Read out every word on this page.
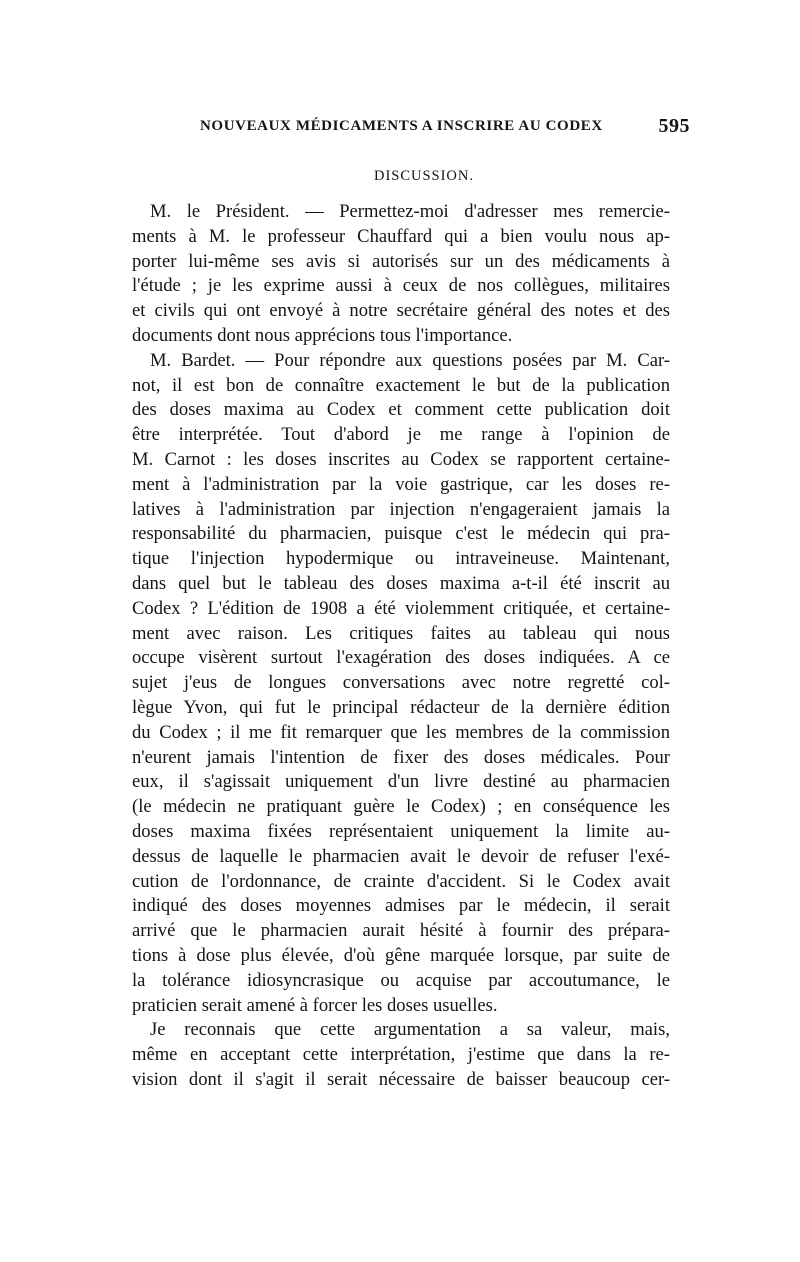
NOUVEAUX MÉDICAMENTS A INSCRIRE AU CODEX	595
DISCUSSION.
M. le Président. — Permettez-moi d'adresser mes remercie-
ments à M. le professeur Chauffard qui a bien voulu nous ap-
porter lui-même ses avis si autorisés sur un des médicaments à
l'étude ; je les exprime aussi à ceux de nos collègues, militaires
et civils qui ont envoyé à notre secrétaire général des notes et des
documents dont nous apprécions tous l'importance.
M. Bardet. — Pour répondre aux questions posées par M. Car-
not, il est bon de connaître exactement le but de la publication
des doses maxima au Codex et comment cette publication doit
être interprétée. Tout d'abord je me range à l'opinion de
M. Carnot : les doses inscrites au Codex se rapportent certaine-
ment à l'administration par la voie gastrique, car les doses re-
latives à l'administration par injection n'engageraient jamais la
responsabilité du pharmacien, puisque c'est le médecin qui pra-
tique l'injection hypodermique ou intraveineuse. Maintenant,
dans quel but le tableau des doses maxima a-t-il été inscrit au
Codex ? L'édition de 1908 a été violemment critiquée, et certaine-
ment avec raison. Les critiques faites au tableau qui nous
occupe visèrent surtout l'exagération des doses indiquées. A ce
sujet j'eus de longues conversations avec notre regretté col-
lègue Yvon, qui fut le principal rédacteur de la dernière édition
du Codex ; il me fit remarquer que les membres de la commission
n'eurent jamais l'intention de fixer des doses médicales. Pour
eux, il s'agissait uniquement d'un livre destiné au pharmacien
(le médecin ne pratiquant guère le Codex) ; en conséquence les
doses maxima fixées représentaient uniquement la limite au-
dessus de laquelle le pharmacien avait le devoir de refuser l'exé-
cution de l'ordonnance, de crainte d'accident. Si le Codex avait
indiqué des doses moyennes admises par le médecin, il serait
arrivé que le pharmacien aurait hésité à fournir des prépara-
tions à dose plus élevée, d'où gêne marquée lorsque, par suite de
la tolérance idiosyncrasique ou acquise par accoutumance, le
praticien serait amené à forcer les doses usuelles.
Je reconnais que cette argumentation a sa valeur, mais,
même en acceptant cette interprétation, j'estime que dans la re-
vision dont il s'agit il serait nécessaire de baisser beaucoup cer-
